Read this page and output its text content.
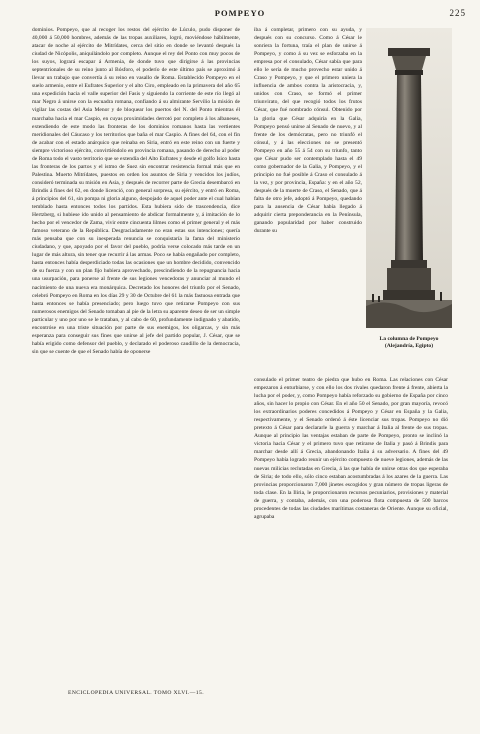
POMPEYO	225

dominios. Pompeyo, que al recoger los restos del ejército de Lúculo, pudo disponer de 40,000 á 50,000 hombres, además de las tropas auxiliares, logró, moviéndose hábilmente, atacar de noche al ejército de Mitrídates, cerca del sitio en donde se levantó después la ciudad de Nicópolis, aniquilándolo por completo. Aunque el rey del Ponto con muy pocos de los suyos, logrará escapar á Armenia, de donde tuvo que dirigirse á las provincias septentrionales de su reino junto al Bósforo, el poderío de este último país se aproximó á llevar un trabajo que convertía á su reino en vasallo de Roma. Establecido Pompeyo en el suelo armenio, entre el Eufrates Superior y el alto Ciro, empleado en la primavera del año 65 una expedición hacia el valle superior del Fasis y siguiendo la corriente de este río llegó al mar Negro á unirse con la escuadra romana, confiando á su almirante Servilio la misión de vigilar las costas del Asia Menor y de bloquear los puertos del N. del Ponto mientras él marchaba hacia el mar Caspio, en cuyas proximidades derrotó por completo á los albaneses, extendiendo de este modo las fronteras de los dominios romanos hasta las vertientes meridionales del Cáucaso y los territorios que baña el mar Caspio. A fines del 64, con el fin de acabar con el estado anárquico que reinaba en Siria, entró en este reino con un fuerte y siempre victorioso ejército, convirtiéndolo en provincia romana, pasando de derecho al poder de Roma todo el vasto territorio que se extendía del Alto Eufrates y desde el golfo Isico hasta las fronteras de los partos y el istmo de Suez sin encontrar resistencia formal más que en Palestina. Muerto Mitrídates, puestos en orden los asuntos de Siria y vencidos los judíos, consideró terminada su misión en Asia, y después de recorrer parte de Grecia desembarcó en Brindis á fines del 62, en donde licenció, con general sorpresa, su ejército, y entró en Roma, á principios del 61, sin pompa ni gloria alguno, despojado de aquel poder ante el cual habían temblado hasta entonces todos los partidos. Esta hubiera sido de trascendencia, dice Hertzberg, si hubiese ido unido al pensamiento de abdicar formalmente y, á imitación de lo hecho por el vencedor de Zama, vivir entre cincuenta lilmes como el primer general y el más famoso veterano de la República. Desgraciadamente no eran estas sus intenciones; quería más pensaba que con su inesperada renuncia se conquistaría la fama del ministerio ciudadano, y que, apoyado por el favor del pueblo, podría verse colocado más tarde en un lugar de más altura, sin tener que recurrir á las armas. Poco se había engañado por completo, hasta entonces había desperdiciado todas las ocasiones que un hombre decidido, convencido de su fuerza y con un plan fijo hubiera aprovechado, prescindiendo de la repugnancia hacia una usurpación, para ponerse al frente de sus legiones vencedoras y anunciar al mundo el nacimiento de una nueva era monárquica. Decretado los honores del triunfo por el Senado, celebró Pompeyo en Roma en los días 29 y 30 de Octubre del 61 la más fastuosa entrada que hasta entonces se había presenciado; pero luego tuvo que retirarse Pompeyo con sus numerosos enemigos del Senado tomaban al pie de la letra su aparente deseo de ser un simple particular y uno por uno se le trataban, y al cabo de 60, profundamente indignado y abatido, encontróse en una triste situación por parte de sus enemigos, los oligarcas, y sin más esperanza para conseguir sus fines que unirse al jefe del partido popular, J. César, que se había erigido como defensor del pueblo, y declarado el poderoso caudillo de la democracia, sin que se cuente de que el Senado había de oponerse

iba á completar, primero con su ayuda, y después con su concurso. Como á César le sonriera la fortuna, traía el plan de unirse á Pompeyo, y como á su vez se esforzaba en la empresa por el consulado, César sabía que para ello le sería de mucho provecho estar unido á Craso y Pompeyo, y que el primero uniera la influencia de ambos contra la aristocracia, y, unidos con Craso, se formó el primer triunvirato, del que recogió todos los frutos César, que fué nombrado cónsul. Obtenido por la gloria que César adquiría en la Galia, Pompeyo pensó unirse al Senado de nuevo, y al frente de los demócratas, pero no triunfó el cónsul, y á las elecciones no se presentó Pompeyo en año 55 á 54 con su triunfo, tanto que César pudo ser contemplado hasta el 49 como gobernador de la Galia, y Pompeyo, y el principio no fué posible á Craso el consulado á la vez, y por provincia, España: y en el año 52, después de la muerte de Craso, el Senado, que á falta de otro jefe, adoptó á Pompeyo, quedando para la ausencia de César había llegado á adquirir cierta preponderancia en la Península, ganando popularidad por haber construido durante su

La columna de Pompeyo
(Alejandría, Egipto)

consulado el primer teatro de piedra que hubo en Roma. Las relaciones con César empezaron á enturbiarse, y con ello los dos rivales quedaron frente á frente, abierta la lucha por el poder, y, como Pompeyo había reforzado su gobierno de España por cinco años, sin hacer lo propio con César. En el año 50 el Senado, por gran mayoría, revocó los extraordinarios poderes concedidos á Pompeyo y César en España y la Galia, respectivamente, y el Senado ordenó á éste licenciar sus tropas. Pompeyo no dió pretexto á César para declararle la guerra y marchar á Italia al frente de sus tropas. Aunque al principio las ventajas estaban de parte de Pompeyo, pronto se inclinó la victoria hacia César y el primero tuvo que retirarse de Italia y pasó á Brindis para marchar desde allí á Grecia, abandonando Italia á su adversario. A fines del 49 Pompeyo había logrado reunir un ejército compuesto de nueve legiones, además de las nuevas milicias reclutadas en Grecia, á las que había de unirse otras dos que esperaba de Siria; de todo ello, sólo cinco estaban acostumbradas á los azares de la guerra. Las provincias proporcionaron 7,000 jinetes escogidos y gran número de tropas ligeras de toda clase. En la Iliria, le proporcionaron recursos pecuniarios, provisiones y material de guerra, y contaba, además, con una poderosa flota compuesta de 500 barcos procedentes de todas las ciudades marítimas costaneras de Oriente. Aunque su oficial, agrupaba

ENCICLOPEDIA UNIVERSAL. TOMO XLVI.—15.
